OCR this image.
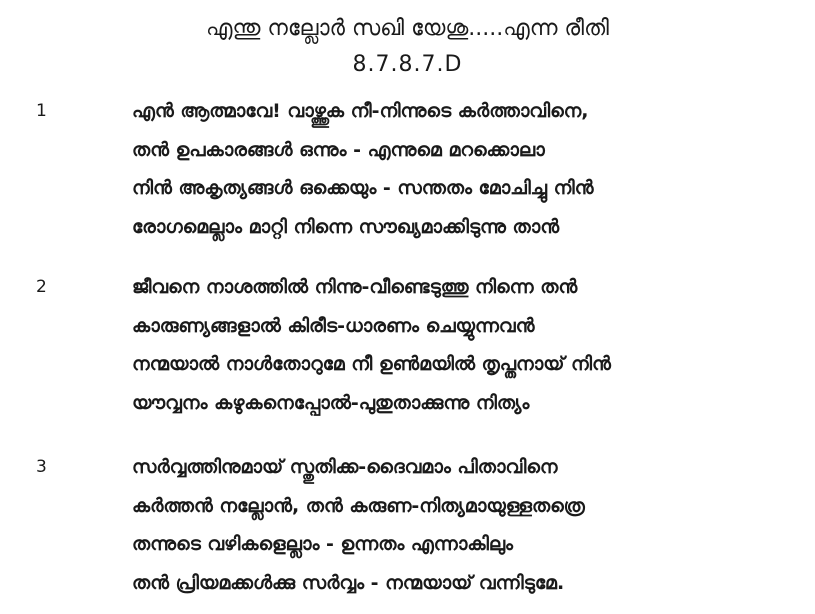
എന്തു നല്ലോർ സഖി യേശു.....എന്ന രീതി
8.7.8.7.D
1	എൻ ആത്മാവേ! വാഴ്ത്തുക നീ-നിന്നുടെ കർത്താവിനെ,
തൻ ഉപകാരങ്ങൾ ഒന്നും - എന്നുമെ മറക്കൊലാ
നിൻ അകൃത്യങ്ങൾ ഒക്കെയും - സന്തതം മോചിച്ചു നിൻ
രോഗമെല്ലാം മാറ്റി നിന്നെ സൗഖ്യമാക്കിടുന്നു താൻ
2	ജീവനെ നാശത്തിൽ നിന്നു-വീണ്ടെടുത്തു നിന്നെ തൻ
കാരുണ്യങ്ങളാൽ കിരീട-ധാരണം ചെയ്യുന്നവൻ
നന്മയാൽ നാൾതോറുമേ നീ ഉൺമയിൽ തൃപ്തനായ് നിൻ
യൗവ്വനം കഴുകനെപ്പോൽ-പുതുതാക്കുന്നു നിത്യം
3	സർവ്വത്തിനുമായ് സ്തുതിക്ക-ദൈവമാം പിതാവിനെ
കർത്തൻ നല്ലോൻ, തൻ കരുണ-നിത്യമായുള്ളതത്രെ
തന്നുടെ വഴികളെല്ലാം - ഉന്നതം എന്നാകിലും
തൻ പ്രിയമക്കൾക്കു സർവ്വം - നന്മയായ് വന്നിടുമേ.
